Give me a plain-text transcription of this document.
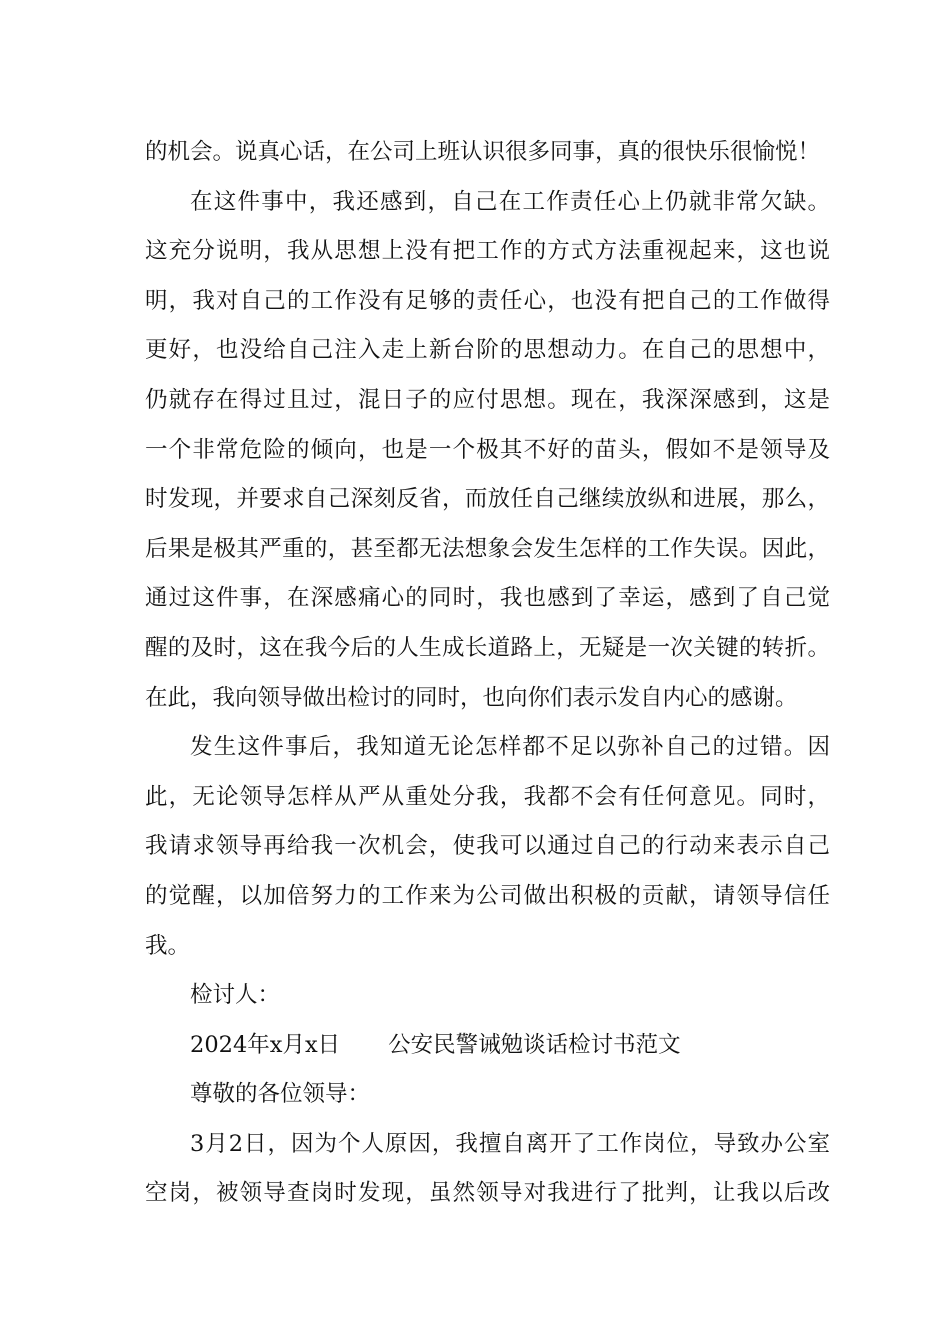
的机会。说真心话，在公司上班认识很多同事，真的很快乐很愉悦！
在这件事中，我还感到，自己在工作责任心上仍就非常欠缺。
这充分说明，我从思想上没有把工作的方式方法重视起来，这也说
明，我对自己的工作没有足够的责任心，也没有把自己的工作做得
更好，也没给自己注入走上新台阶的思想动力。在自己的思想中，
仍就存在得过且过，混日子的应付思想。现在，我深深感到，这是
一个非常危险的倾向，也是一个极其不好的苗头，假如不是领导及
时发现，并要求自己深刻反省，而放任自己继续放纵和进展，那么，
后果是极其严重的，甚至都无法想象会发生怎样的工作失误。因此，
通过这件事，在深感痛心的同时，我也感到了幸运，感到了自己觉
醒的及时，这在我今后的人生成长道路上，无疑是一次关键的转折。
在此，我向领导做出检讨的同时，也向你们表示发自内心的感谢。
发生这件事后，我知道无论怎样都不足以弥补自己的过错。因
此，无论领导怎样从严从重处分我，我都不会有任何意见。同时，
我请求领导再给我一次机会，使我可以通过自己的行动来表示自己
的觉醒，以加倍努力的工作来为公司做出积极的贡献，请领导信任
我。
检讨人：
2024年x月x日 公安民警诫勉谈话检讨书范文
尊敬的各位领导：
3月2日，因为个人原因，我擅自离开了工作岗位，导致办公室
空岗，被领导查岗时发现，虽然领导对我进行了批判，让我以后改
